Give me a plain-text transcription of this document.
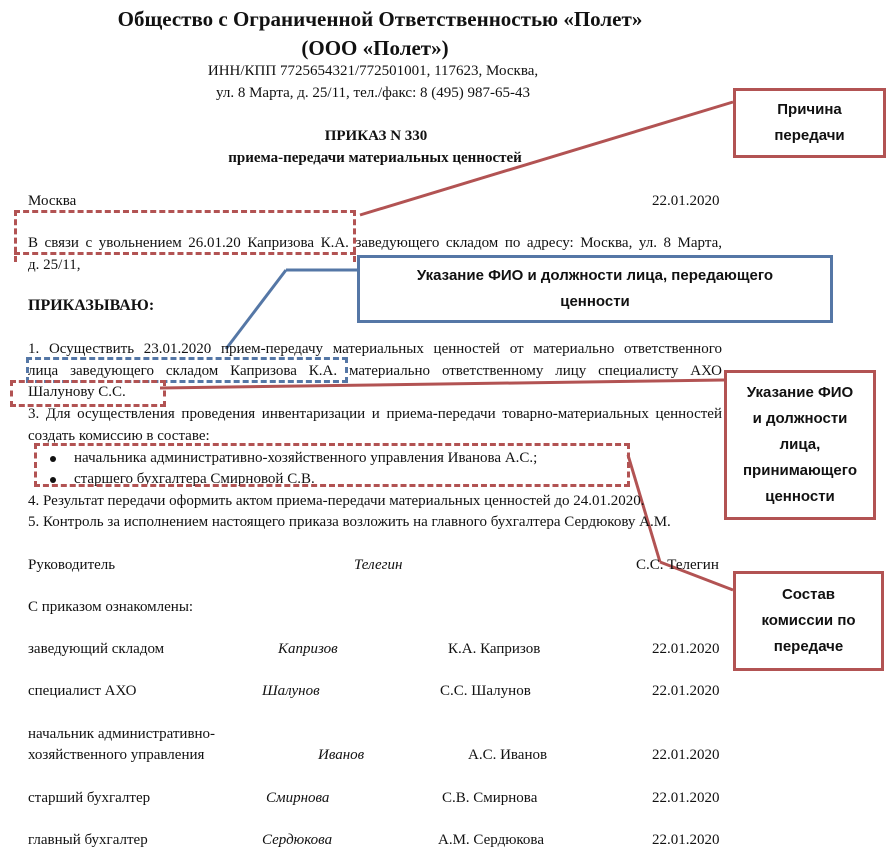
Общество с Ограниченной Ответственностью «Полет»
(ООО «Полет»)
ИНН/КПП 7725654321/772501001, 117623, Москва,
ул. 8 Марта, д. 25/11, тел./факс: 8 (495) 987-65-43
ПРИКАЗ N 330
приема-передачи материальных ценностей
Москва	22.01.2020
В связи с увольнением 26.01.20 Капризова К.А. заведующего складом по адресу: Москва, ул. 8 Марта,
д. 25/11,
ПРИКАЗЫВАЮ:
1. Осуществить 23.01.2020 прием-передачу материальных ценностей от материально ответственного
лица заведующего складом Капризова К.А. материально ответственному лицу специалисту АХО
Шалунову С.С.
3. Для осуществления проведения инвентаризации и приема-передачи товарно-материальных ценностей
создать комиссию в составе:
начальника административно-хозяйственного управления Иванова А.С.;
старшего бухгалтера Смирновой С.В.
4. Результат передачи оформить актом приема-передачи материальных ценностей до 24.01.2020.
5. Контроль за исполнением настоящего приказа возложить на главного бухгалтера Сердюкову А.М.
Руководитель	Телегин	С.С. Телегин
С приказом ознакомлены:
заведующий складом	Капризов	К.А. Капризов	22.01.2020
специалист АХО	Шалунов	С.С. Шалунов	22.01.2020
начальник административно-
хозяйственного управления	Иванов	А.С. Иванов	22.01.2020
старший бухгалтер	Смирнова	С.В. Смирнова	22.01.2020
главный бухгалтер	Сердюкова	А.М. Сердюкова	22.01.2020
Причина
передачи
Указание ФИО и должности лица, передающего
ценности
Указание ФИО
и должности
лица,
принимающего
ценности
Состав
комиссии по
передаче
